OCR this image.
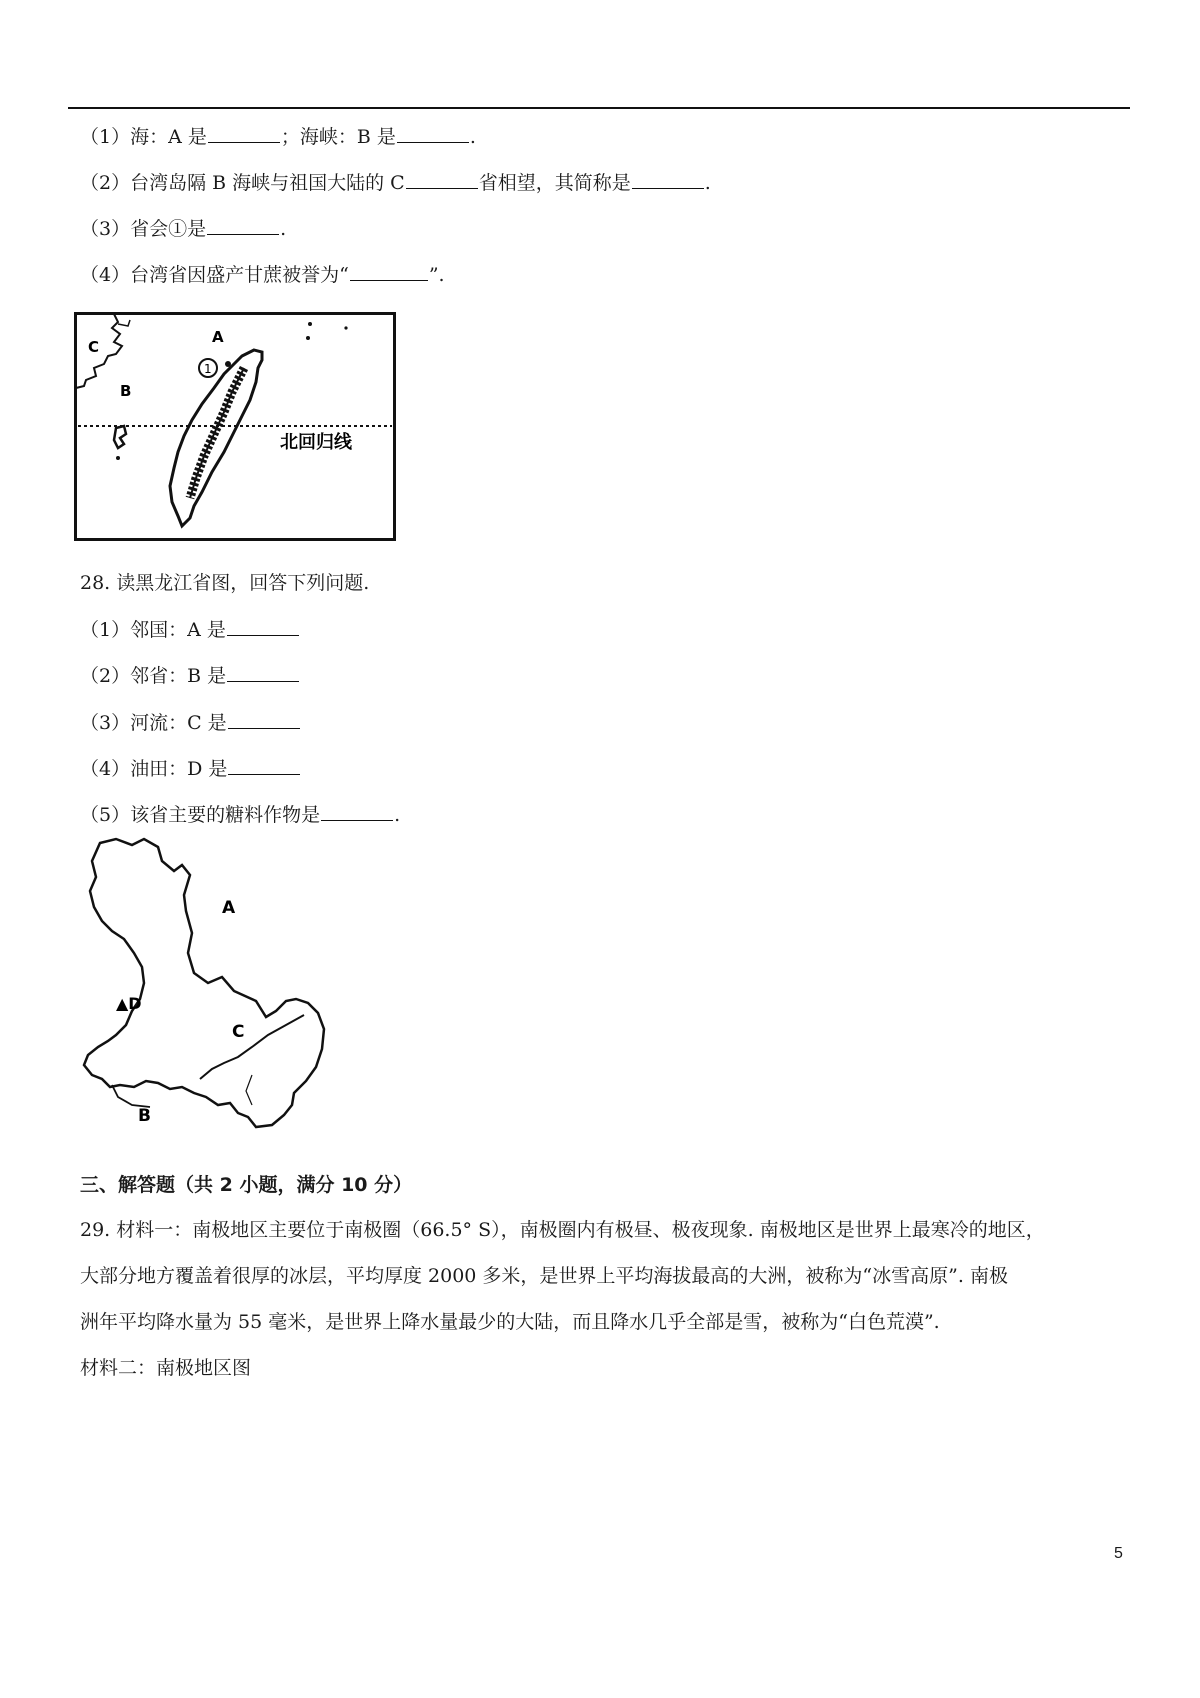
（1）海：A 是	；海峡：B 是	.
（2）台湾岛隔 B 海峡与祖国大陆的 C	省相望，其简称是	.
（3）省会①是	.
（4）台湾省因盛产甘蔗被誉为“	”.
1
北回归线
A
C
B
28. 读黑龙江省图，回答下列问题.
（1）邻国：A 是
（2）邻省：B 是
（3）河流：C 是
（4）油田：D 是
（5）该省主要的糖料作物是	.
A
C
▲D
B
三、解答题（共 2 小题，满分 10 分）
29. 材料一：南极地区主要位于南极圈（66.5° S），南极圈内有极昼、极夜现象. 南极地区是世界上最寒冷的地区，
大部分地方覆盖着很厚的冰层，平均厚度 2000 多米，是世界上平均海拔最高的大洲，被称为“冰雪高原”. 南极
洲年平均降水量为 55 毫米，是世界上降水量最少的大陆，而且降水几乎全部是雪，被称为“白色荒漠”.
材料二：南极地区图
5
